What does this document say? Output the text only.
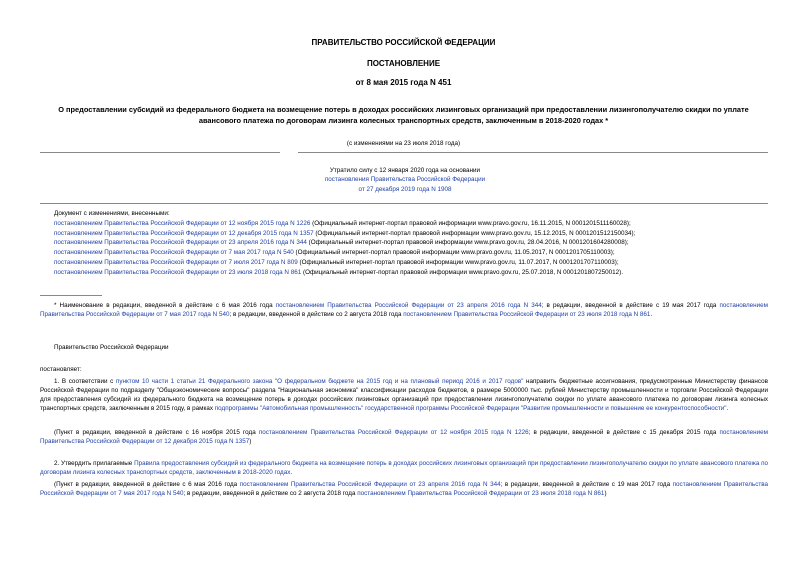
ПРАВИТЕЛЬСТВО РОССИЙСКОЙ ФЕДЕРАЦИИ
ПОСТАНОВЛЕНИЕ
от 8 мая 2015 года N 451
О предоставлении субсидий из федерального бюджета на возмещение потерь в доходах российских лизинговых организаций при предоставлении лизингополучателю скидки по уплате авансового платежа по договорам лизинга колесных транспортных средств, заключенным в 2018-2020 годах *
(с изменениями на 23 июля 2018 года)
Утратило силу с 12 января 2020 года на основании
постановления Правительства Российской Федерации
от 27 декабря 2019 года N 1908
Документ с изменениями, внесенными:
постановлением Правительства Российской Федерации от 12 ноября 2015 года N 1226 (Официальный интернет-портал правовой информации www.pravo.gov.ru, 16.11.2015, N 0001201511160028);
постановлением Правительства Российской Федерации от 12 декабря 2015 года N 1357 (Официальный интернет-портал правовой информации www.pravo.gov.ru, 15.12.2015, N 0001201512150034);
постановлением Правительства Российской Федерации от 23 апреля 2016 года N 344 (Официальный интернет-портал правовой информации www.pravo.gov.ru, 28.04.2016, N 0001201604280008);
постановлением Правительства Российской Федерации от 7 мая 2017 года N 540 (Официальный интернет-портал правовой информации www.pravo.gov.ru, 11.05.2017, N 0001201705110003);
постановлением Правительства Российской Федерации от 7 июля 2017 года N 809 (Официальный интернет-портал правовой информации www.pravo.gov.ru, 11.07.2017, N 0001201707110003);
постановлением Правительства Российской Федерации от 23 июля 2018 года N 861 (Официальный интернет-портал правовой информации www.pravo.gov.ru, 25.07.2018, N 0001201807250012).
* Наименование в редакции, введенной в действие с 6 мая 2016 года постановлением Правительства Российской Федерации от 23 апреля 2016 года N 344; в редакции, введенной в действие с 19 мая 2017 года постановлением Правительства Российской Федерации от 7 мая 2017 года N 540; в редакции, введенной в действие со 2 августа 2018 года постановлением Правительства Российской Федерации от 23 июля 2018 года N 861.
Правительство Российской Федерации
постановляет:
1. В соответствии с пунктом 10 части 1 статьи 21 Федерального закона "О федеральном бюджете на 2015 год и на плановый период 2016 и 2017 годов" направить бюджетные ассигнования, предусмотренные Министерству финансов Российской Федерации по подразделу "Общеэкономические вопросы" раздела "Национальная экономика" классификации расходов бюджетов, в размере 5000000 тыс. рублей Министерству промышленности и торговли Российской Федерации для предоставления субсидий из федерального бюджета на возмещение потерь в доходах российских лизинговых организаций при предоставлении лизингополучателю скидки по уплате авансового платежа по договорам лизинга колесных транспортных средств, заключенным в 2015 году, в рамках подпрограммы "Автомобильная промышленность" государственной программы Российской Федерации "Развитие промышленности и повышение ее конкурентоспособности".
(Пункт в редакции, введенной в действие с 16 ноября 2015 года постановлением Правительства Российской Федерации от 12 ноября 2015 года N 1226; в редакции, введенной в действие с 15 декабря 2015 года постановлением Правительства Российской Федерации от 12 декабря 2015 года N 1357)
2. Утвердить прилагаемые Правила предоставления субсидий из федерального бюджета на возмещение потерь в доходах российских лизинговых организаций при предоставлении лизингополучателю скидки по уплате авансового платежа по договорам лизинга колесных транспортных средств, заключенным в 2018-2020 годах.
(Пункт в редакции, введенной в действие с 6 мая 2016 года постановлением Правительства Российской Федерации от 23 апреля 2016 года N 344; в редакции, введенной в действие с 19 мая 2017 года постановлением Правительства Российской Федерации от 7 мая 2017 года N 540; в редакции, введенной в действие со 2 августа 2018 года постановлением Правительства Российской Федерации от 23 июля 2018 года N 861)
